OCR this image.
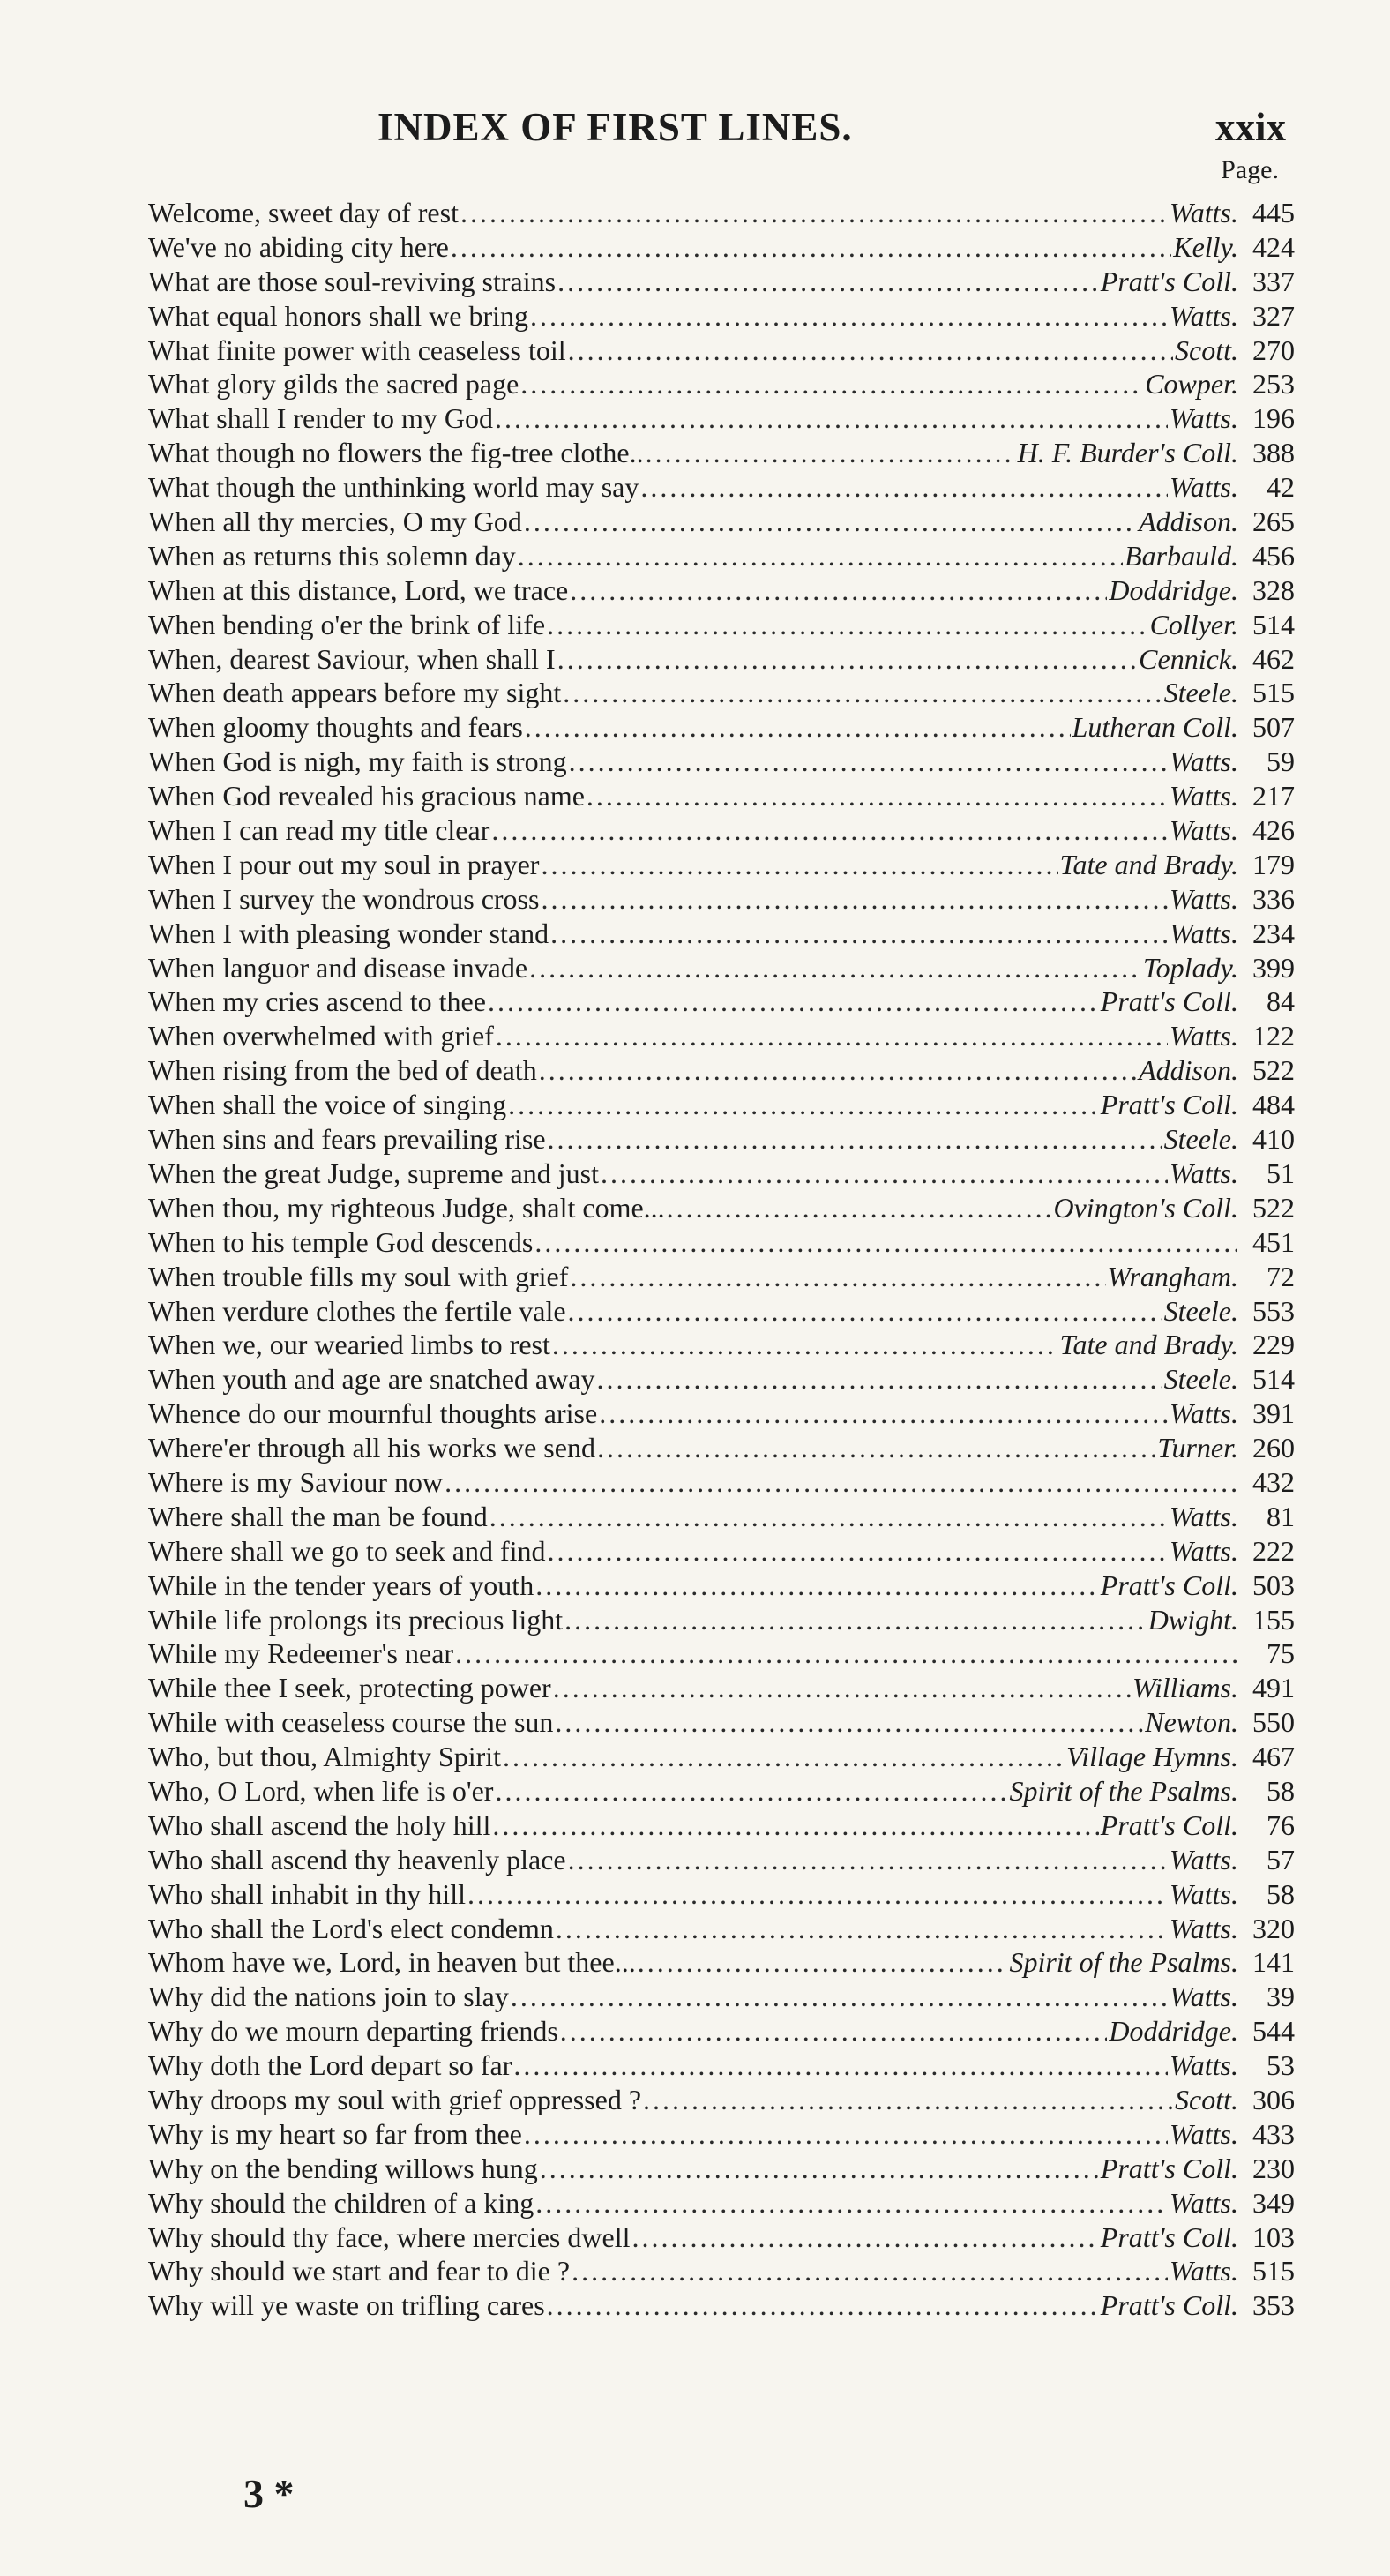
INDEX OF FIRST LINES.	xxix
Page.
Welcome, sweet day of rest .....	Watts. 445
We've no abiding city here .....	Kelly. 424
What are those soul-reviving strains .....	Pratt's Coll. 337
What equal honors shall we bring .....	Watts. 327
What finite power with ceaseless toil .....	Scott. 270
What glory gilds the sacred page .....	Cowper. 253
What shall I render to my God .....	Watts. 196
What though no flowers the fig-tree clothe.. .....	H. F. Burder's Coll. 388
What though the unthinking world may say .....	Watts.	42
When all thy mercies, O my God .....	Addison. 265
When as returns this solemn day .....	Barbauld. 456
When at this distance, Lord, we trace .....	Doddridge. 328
When bending o'er the brink of life .....	Collyer. 514
When, dearest Saviour, when shall I .....	Cennick. 462
When death appears before my sight .....	Steele. 515
When gloomy thoughts and fears .....	Lutheran Coll. 507
When God is nigh, my faith is strong .....	Watts.	59
When God revealed his gracious name .....	Watts. 217
When I can read my title clear .....	Watts. 426
When I pour out my soul in prayer .....	Tate and Brady. 179
When I survey the wondrous cross .....	Watts. 336
When I with pleasing wonder stand .....	Watts. 234
When languor and disease invade .....	Toplady. 399
When my cries ascend to thee .....	Pratt's Coll.	84
When overwhelmed with grief .....	Watts. 122
When rising from the bed of death .....	Addison. 522
When shall the voice of singing .....	Pratt's Coll. 484
When sins and fears prevailing rise .....	Steele. 410
When the great Judge, supreme and just .....	Watts.	51
When thou, my righteous Judge, shalt come... .....	Ovington's Coll. 522
When to his temple God descends .....	451
When trouble fills my soul with grief .....	Wrangham.	72
When verdure clothes the fertile vale .....	Steele. 553
When we, our wearied limbs to rest .....	Tate and Brady. 229
When youth and age are snatched away .....	Steele. 514
Whence do our mournful thoughts arise .....	Watts. 391
Where'er through all his works we send .....	Turner. 260
Where is my Saviour now .....	432
Where shall the man be found .....	Watts.	81
Where shall we go to seek and find .....	Watts. 222
While in the tender years of youth .....	Pratt's Coll. 503
While life prolongs its precious light .....	Dwight. 155
While my Redeemer's near .....	75
While thee I seek, protecting power .....	Williams. 491
While with ceaseless course the sun .....	Newton. 550
Who, but thou, Almighty Spirit .....	Village Hymns. 467
Who, O Lord, when life is o'er .....	Spirit of the Psalms.	58
Who shall ascend the holy hill .....	Pratt's Coll.	76
Who shall ascend thy heavenly place .....	Watts.	57
Who shall inhabit in thy hill .....	Watts.	58
Who shall the Lord's elect condemn .....	Watts. 320
Whom have we, Lord, in heaven but thee... .....	Spirit of the Psalms. 141
Why did the nations join to slay .....	Watts.	39
Why do we mourn departing friends .....	Doddridge. 544
Why doth the Lord depart so far .....	Watts.	53
Why droops my soul with grief oppressed ? .....	Scott. 306
Why is my heart so far from thee .....	Watts. 433
Why on the bending willows hung .....	Pratt's Coll. 230
Why should the children of a king .....	Watts. 349
Why should thy face, where mercies dwell .....	Pratt's Coll. 103
Why should we start and fear to die ? .....	Watts. 515
Why will ye waste on trifling cares .....	Pratt's Coll. 353
3 *
